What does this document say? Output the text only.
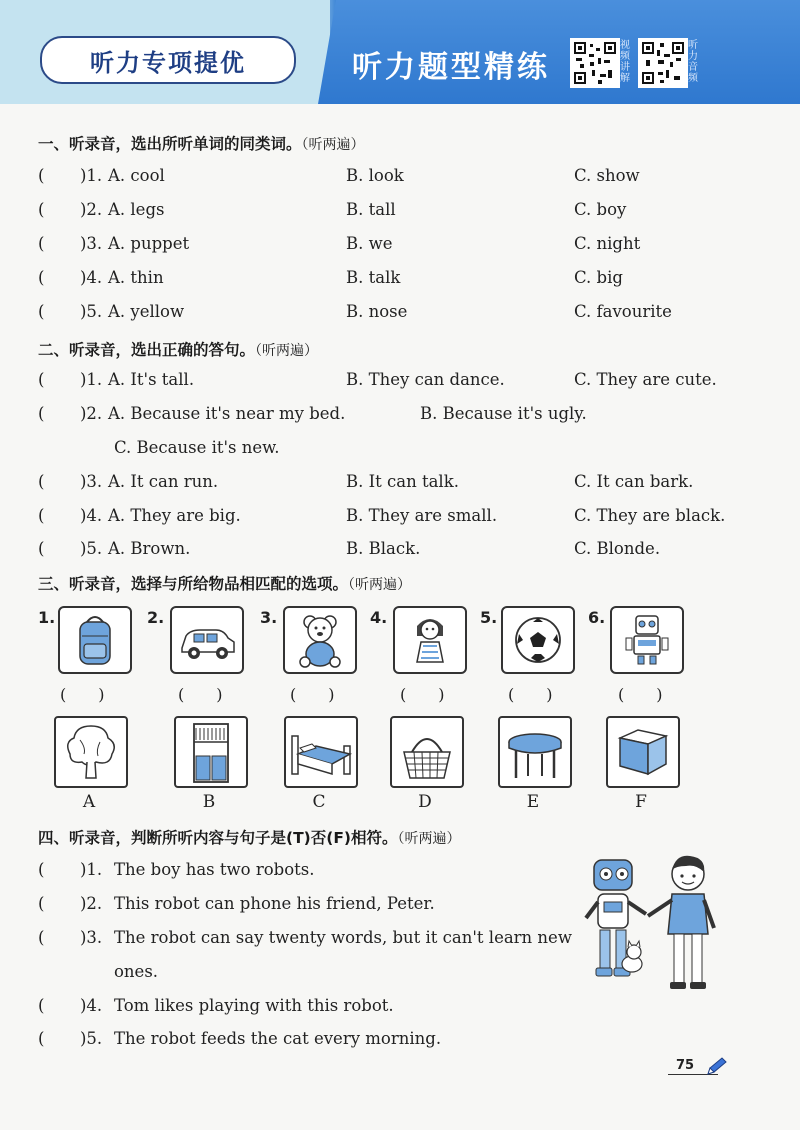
听力专项提优	听力题型精练
视频讲解
听力音频
一、听录音，选出所听单词的同类词。（听两遍）
( )1. A. cool	B. look	C. show
( )2. A. legs	B. tall	C. boy
( )3. A. puppet	B. we	C. night
( )4. A. thin	B. talk	C. big
( )5. A. yellow	B. nose	C. favourite
二、听录音，选出正确的答句。（听两遍）
( )1. A. It's tall.	B. They can dance.	C. They are cute.
( )2. A. Because it's near my bed.	B. Because it's ugly.
C. Because it's new.
( )3. A. It can run.	B. It can talk.	C. It can bark.
( )4. A. They are big.	B. They are small.	C. They are black.
( )5. A. Brown.	B. Black.	C. Blonde.
三、听录音，选择与所给物品相匹配的选项。（听两遍）
1.
(　　)
2.
(　　)
3.
(　　)
4.
(　　)
5.
(　　)
6.
(　　)
A	B	C	D	E	F
四、听录音，判断所听内容与句子是(T)否(F)相符。（听两遍）
( )1. The boy has two robots.
( )2. This robot can phone his friend, Peter.
( )3. The robot can say twenty words, but it can't learn new
ones.
( )4. Tom likes playing with this robot.
( )5. The robot feeds the cat every morning.
75
